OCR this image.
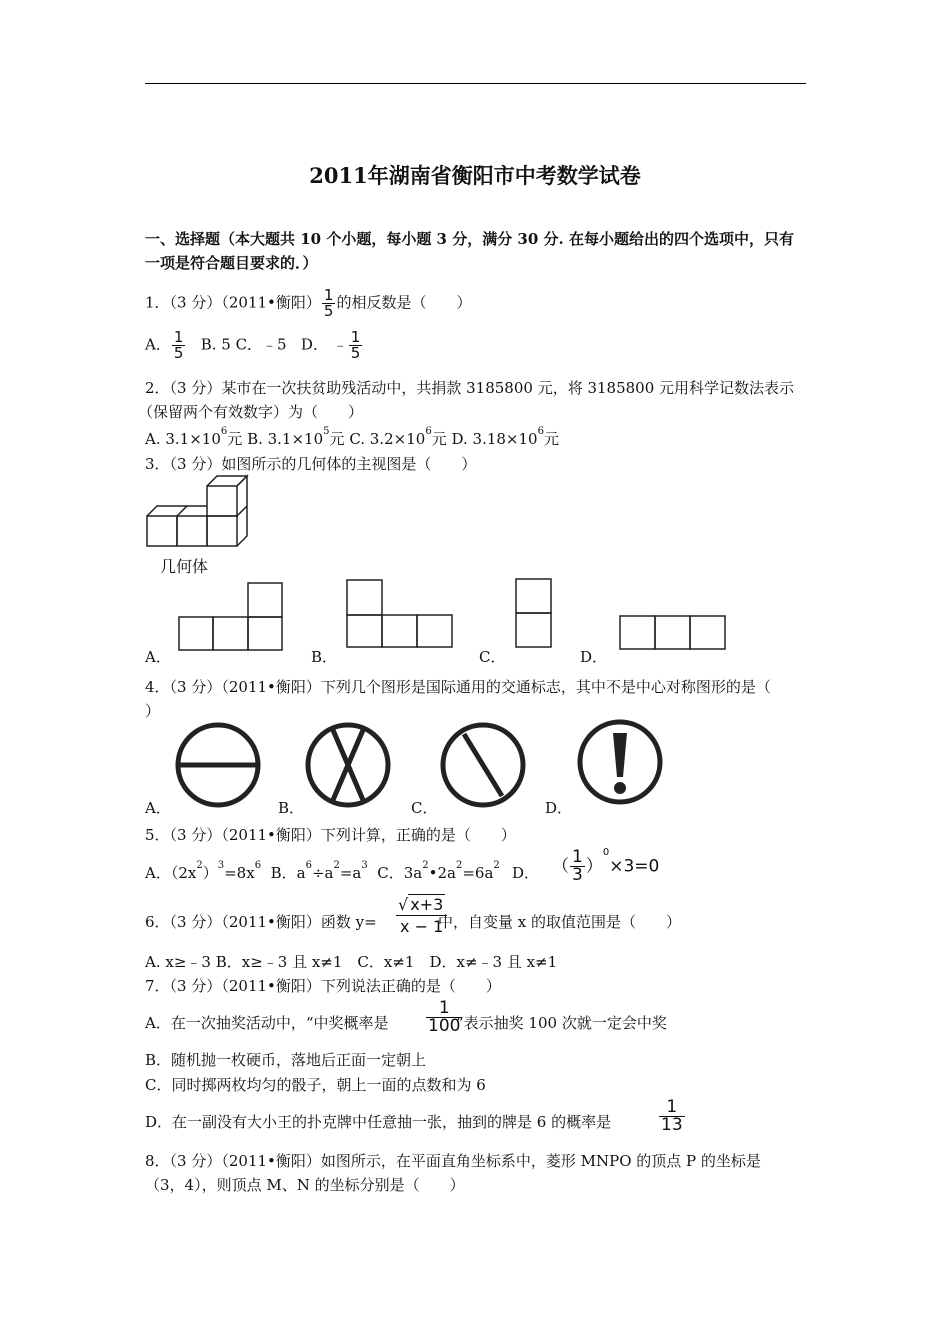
2011年湖南省衡阳市中考数学试卷
一、选择题（本大题共 10 个小题，每小题 3 分，满分 30 分. 在每小题给出的四个选项中，只有
一项是符合题目要求的．）
1．（3 分）（2011•衡阳） $\frac{1}{5}$ 的相反数是（　　）
A． $\frac{1}{5} B$. 5 C．﹣5 D． ﹣ $\frac{1}{5}$
2．（3 分）某市在一次扶贫助残活动中，共捐款 3185800 元，将 3185800 元用科学记数法表示
（保留两个有效数字）为（　　）
A. $3.1\times 10^6$元 B. $3.1\times 10^5$元 C. $3.2\times 10^6$元 D. $3.18\times 10^6$元
3．（3 分）如图所示的几何体的主视图是（　　）
几何体
A．	B．	C．	D．
4．（3 分）（2011•衡阳）下列几个图形是国际通用的交通标志，其中不是中心对称图形的是（
）
A．	B．	C．	D．
5．（3 分）（2011•衡阳）下列计算，正确的是（　　）
A．$(2x^2)^3=8x^6$ B．$a^6\div a^2=a^3$ C．$3a^2•2a^2=6a^2$ D． （ $\frac{1}{3} )^0\times 3=0$
6．（3 分）（2011•衡阳）函数 y=
√ x+3
x − 1
中，自变量 x 的取值范围是（　　）
A. x≥﹣3 B．x≥﹣3 且 x≠1　C．x≠1　D．x≠﹣3 且 x≠1
7．（3 分）（2011•衡阳）下列说法正确的是（　　）
A．在一次抽奖活动中，“中奖概率是 $\frac{1}{100}$
”表示抽奖 100 次就一定会中奖
B．随机抛一枚硬币，落地后正面一定朝上
C．同时掷两枚均匀的骰子，朝上一面的点数和为 6
D．在一副没有大小王的扑克牌中任意抽一张，抽到的牌是 6 的概率是	$\frac{1}{13}$
8．（3 分）（2011•衡阳）如图所示，在平面直角坐标系中，菱形 MNPO 的顶点 P 的坐标是
（3，4），则顶点 M、N 的坐标分别是（　　）
